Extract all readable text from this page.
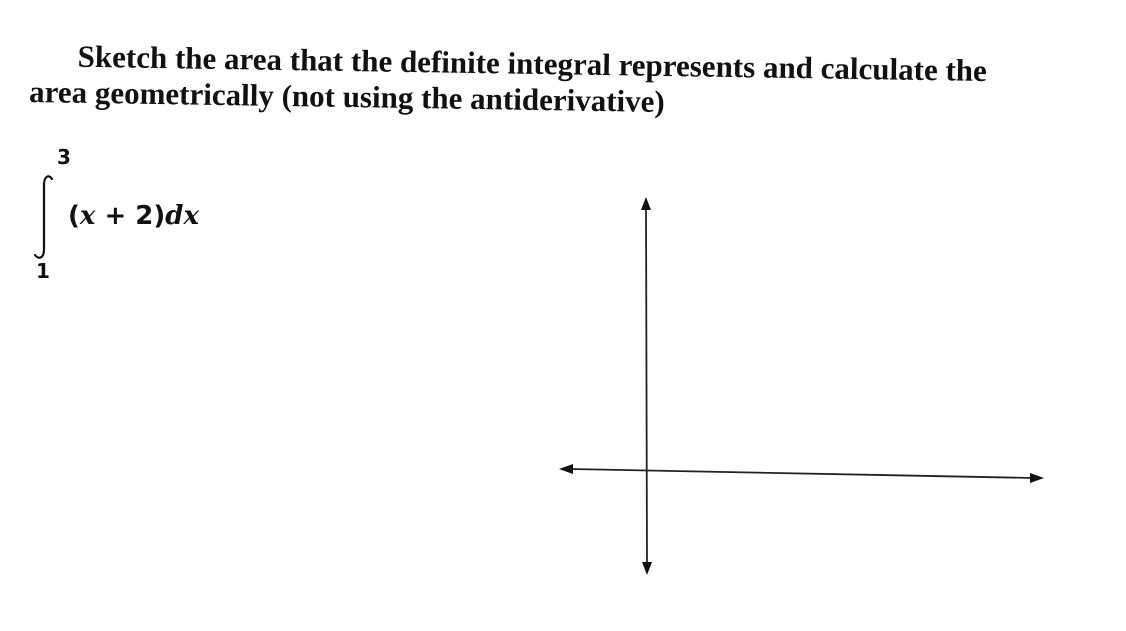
Sketch the area that the definite integral represents and calculate the
area geometrically (not using the antiderivative)
3
(x + 2)dx
1
